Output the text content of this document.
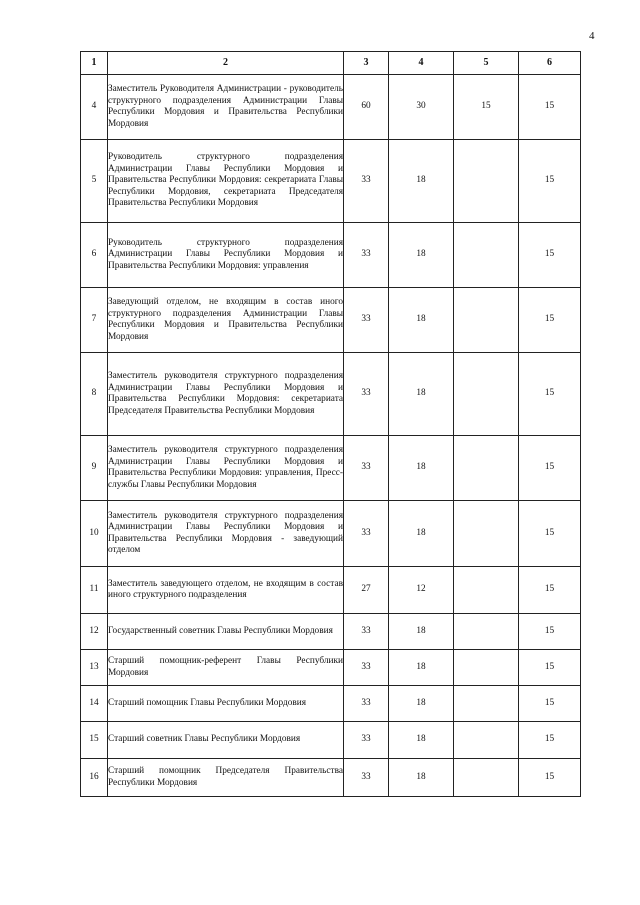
4
1	2	3	4	5	6
4	Заместитель Руководителя Администрации - руководитель структурного подразделения Администрации Главы Республики Мордовия и Правительства Республики Мордовия	60	30	15	15
5	Руководитель структурного подразделения Администрации Главы Республики Мордовия и Правительства Республики Мордовия: секретариата Главы Республики Мордовия, секретариата Председателя Правительства Республики Мордовия	33	18		15
6	Руководитель структурного подразделения Администрации Главы Республики Мордовия и Правительства Республики Мордовия: управления	33	18		15
7	Заведующий отделом, не входящим в состав иного структурного подразделения Администрации Главы Республики Мордовия и Правительства Республики Мордовия	33	18		15
8	Заместитель руководителя структурного подразделения Администрации Главы Республики Мордовия и Правительства Республики Мордовия: секретариата Председателя Правительства Республики Мордовия	33	18		15
9	Заместитель руководителя структурного подразделения Администрации Главы Республики Мордовия и Правительства Республики Мордовия: управления, Пресс-службы Главы Республики Мордовия	33	18		15
10	Заместитель руководителя структурного подразделения Администрации Главы Республики Мордовия и Правительства Республики Мордовия - заведующий отделом	33	18		15
11	Заместитель заведующего отделом, не входящим в состав иного структурного подразделения	27	12		15
12	Государственный советник Главы Республики Мордовия	33	18		15
13	Старший помощник-референт Главы Республики Мордовия	33	18		15
14	Старший помощник Главы Республики Мордовия	33	18		15
15	Старший советник Главы Республики Мордовия	33	18		15
16	Старший помощник Председателя Правительства Республики Мордовия	33	18		15
